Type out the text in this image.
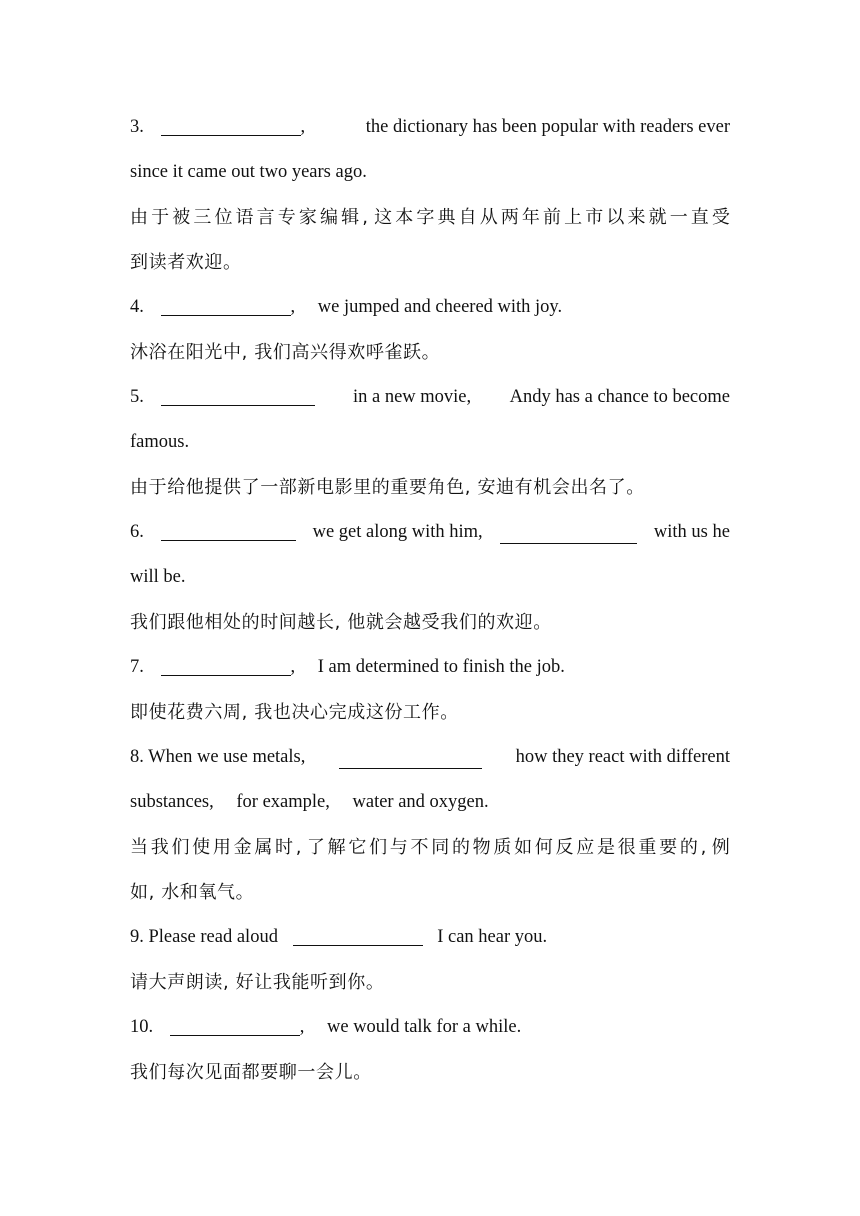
3.	,	the dictionary has been popular with readers ever
since it came out two years ago.
由 于 被 三 位 语 言 专 家 编 辑 , 这 本 字 典 自 从 两 年 前 上 市 以 来 就 一 直 受
到读者欢迎。
4.	, we jumped and cheered with joy.
沐浴在阳光中, 我们高兴得欢呼雀跃。
5.	in a new movie, Andy has a chance to become
famous.
由于给他提供了一部新电影里的重要角色, 安迪有机会出名了。
6.	we get along with him,	with us he
will be.
我们跟他相处的时间越长, 他就会越受我们的欢迎。
7.	, I am determined to finish the job.
即使花费六周, 我也决心完成这份工作。
8. When we use metals,	how they react with different
substances, for example, water and oxygen.
当 我 们 使 用 金 属 时 , 了 解 它 们 与 不 同 的 物 质 如 何 反 应 是 很 重 要 的 , 例
如, 水和氧气。
9. Please read aloud	I can hear you.
请大声朗读, 好让我能听到你。
10.	, we would talk for a while.
我们每次见面都要聊一会儿。
